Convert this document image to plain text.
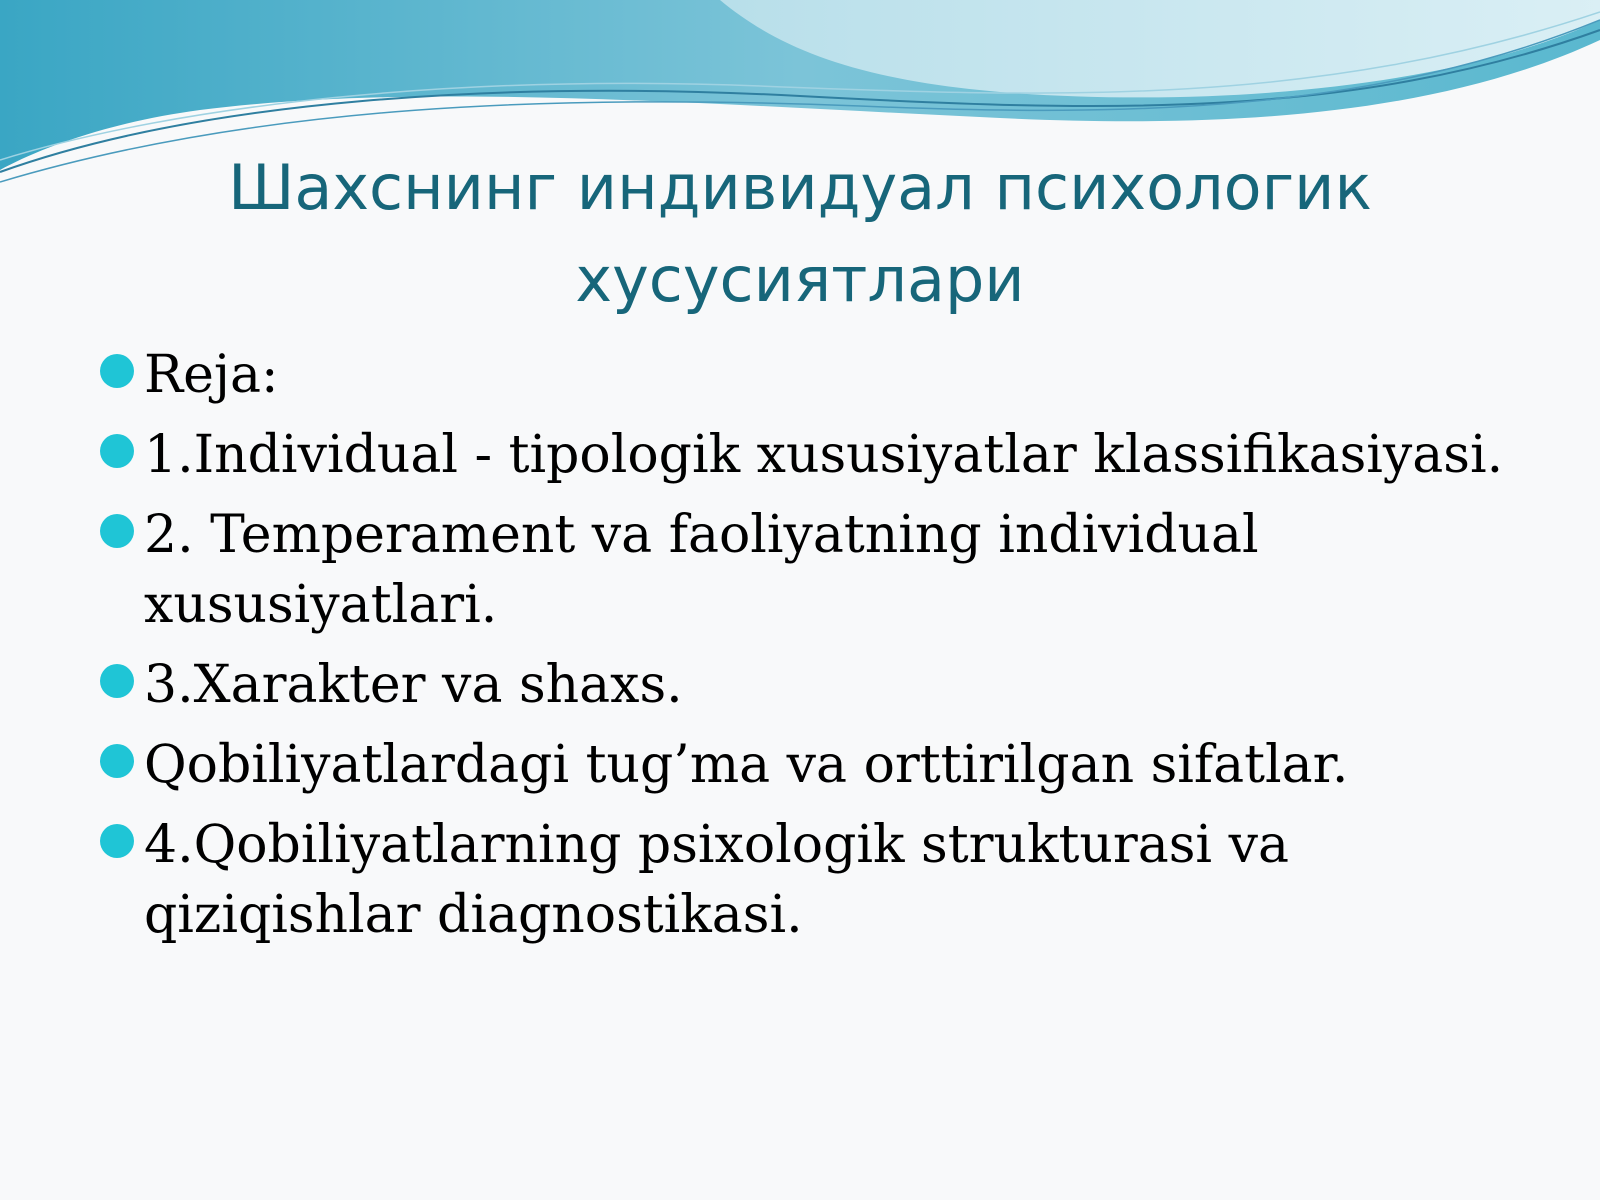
Шахснинг индивидуал психологик хусусиятлари
Reja:
1.Individual - tipologik xususiyatlar klassifikasiyasi.
2. Temperament va faoliyatning individual xususiyatlari.
3.Xarakter va shaxs.
Qobiliyatlardagi tug’ma va orttirilgan sifatlar.
4.Qobiliyatlarning psixologik strukturasi va qiziqishlar diagnostikasi.
